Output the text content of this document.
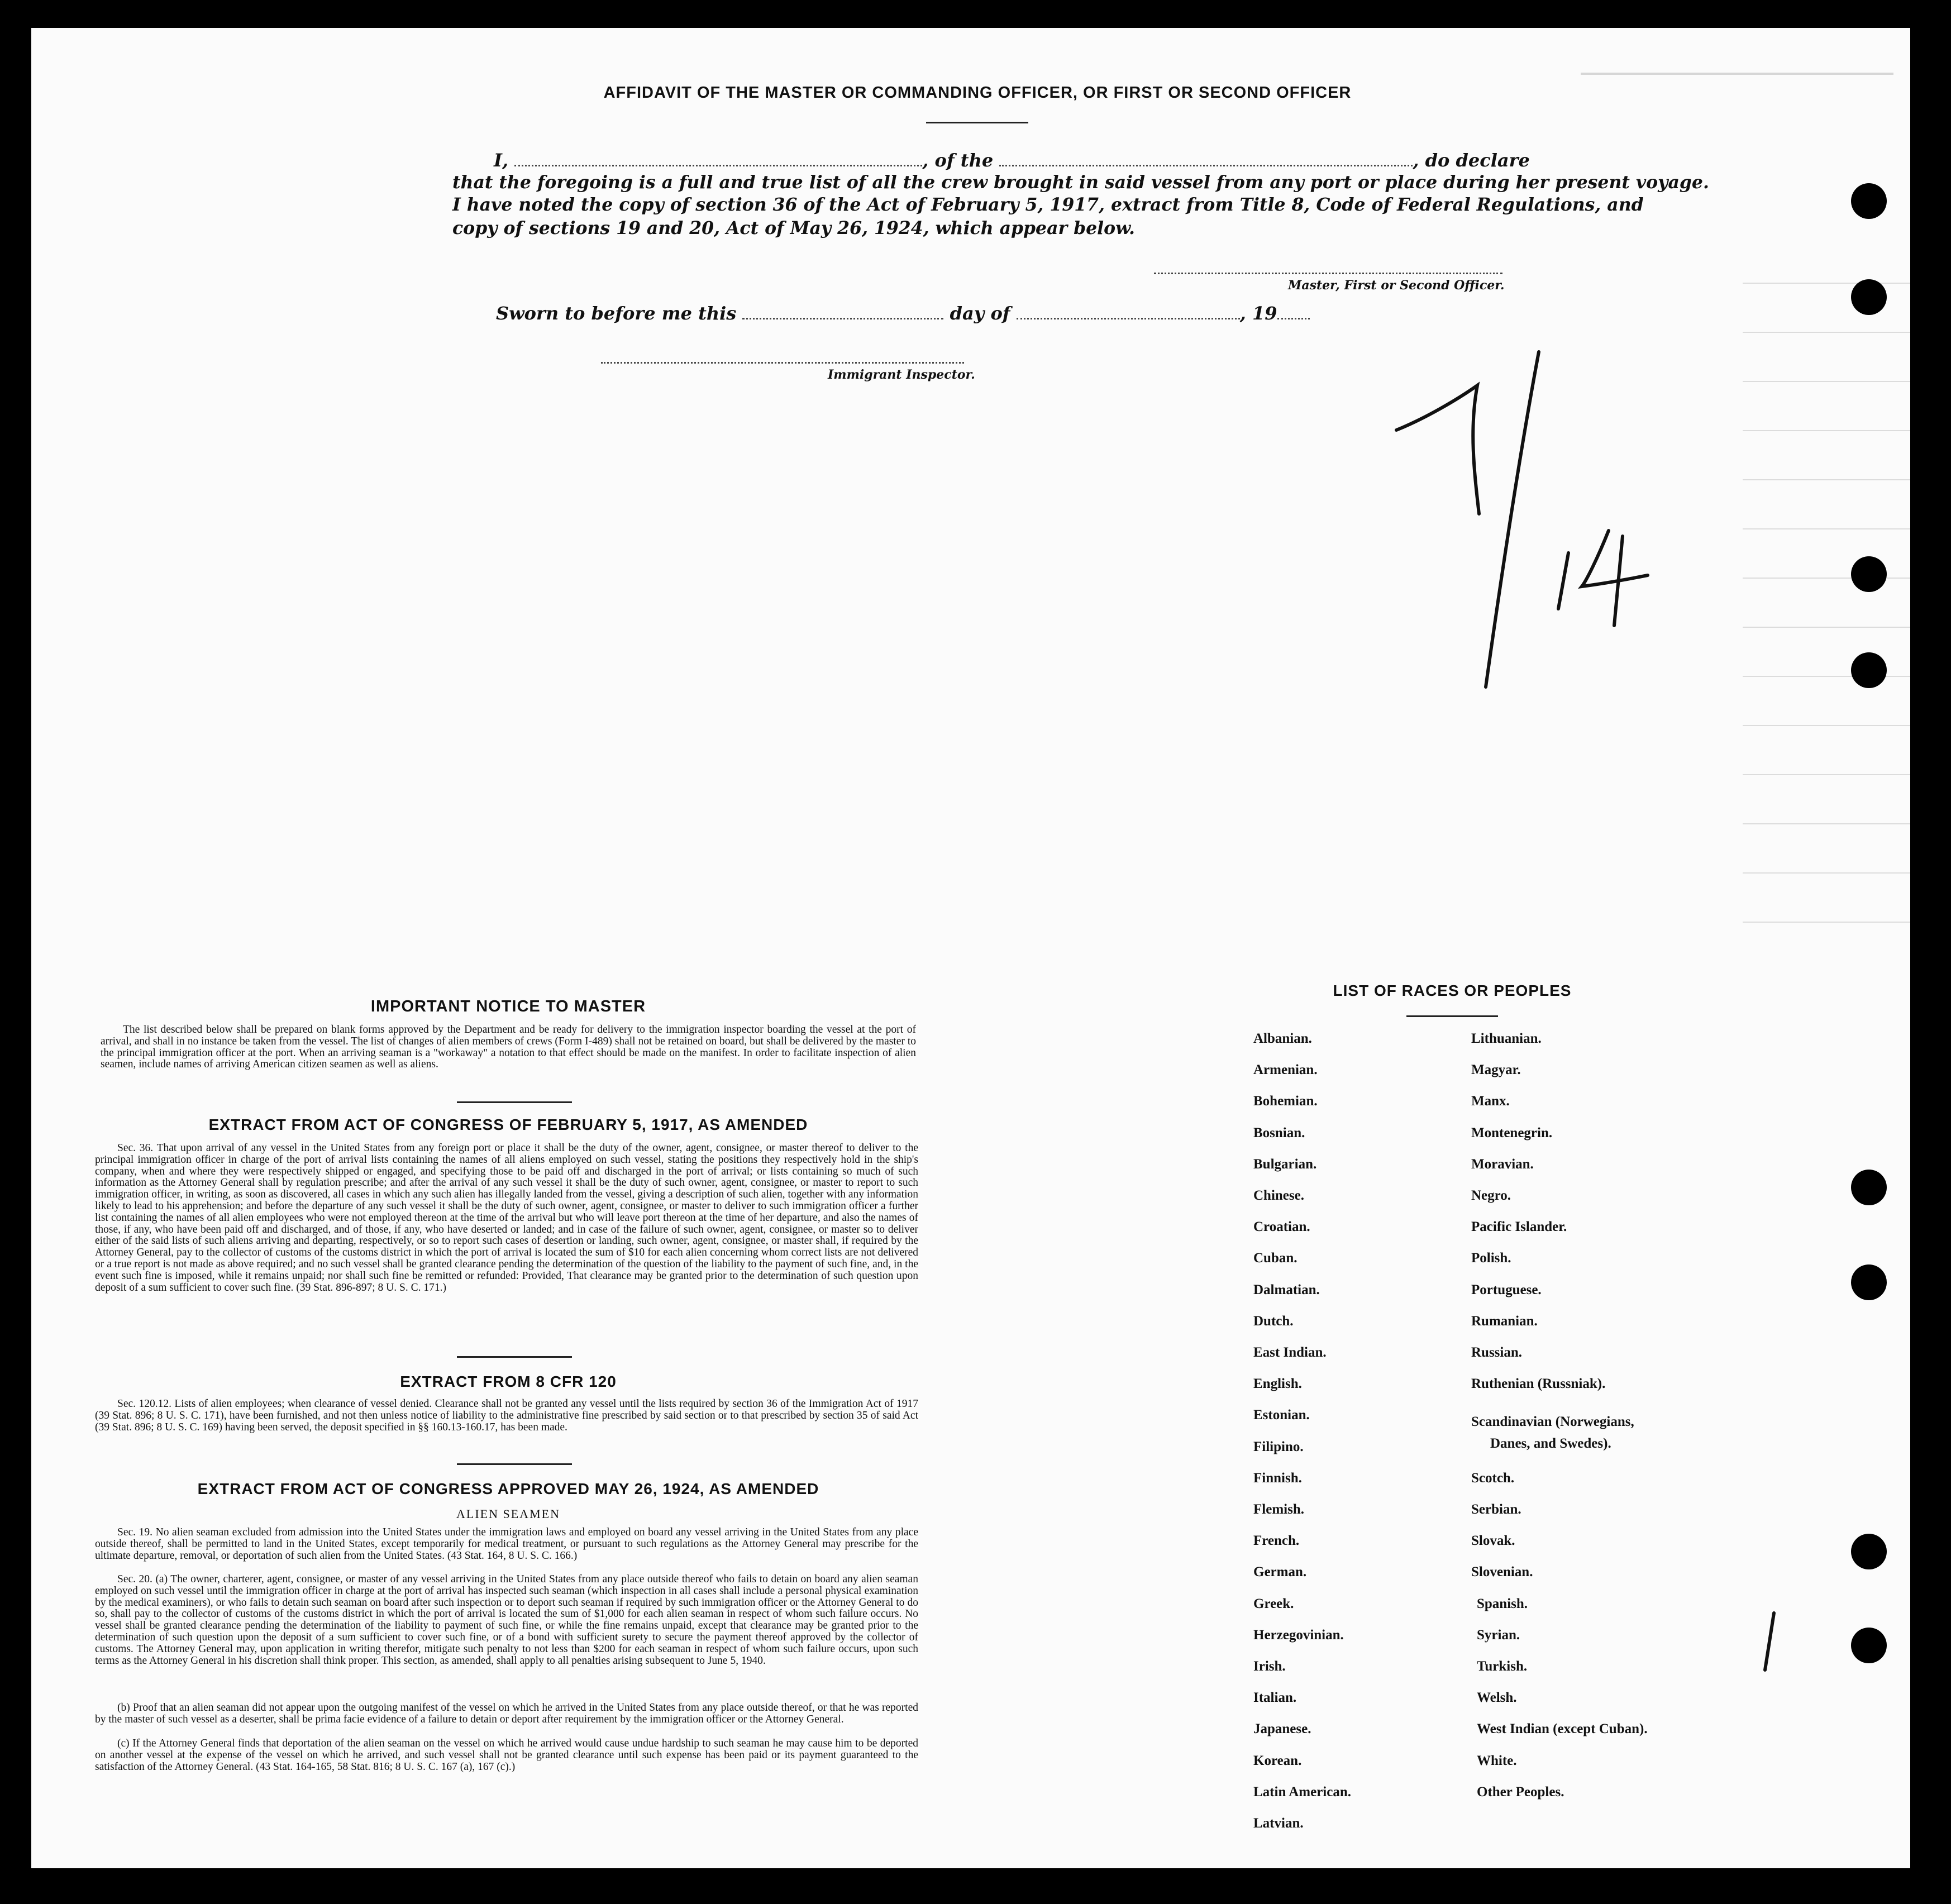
AFFIDAVIT OF THE MASTER OR COMMANDING OFFICER, OR FIRST OR SECOND OFFICER
I,	, of the	, do declare
that the foregoing is a full and true list of all the crew brought in said vessel from any port or place during her present voyage.
I have noted the copy of section 36 of the Act of February 5, 1917, extract from Title 8, Code of Federal Regulations, and
copy of sections 19 and 20, Act of May 26, 1924, which appear below.
Master, First or Second Officer.
Sworn to before me this	day of	, 19
Immigrant Inspector.
IMPORTANT NOTICE TO MASTER
The list described below shall be prepared on blank forms approved by the Department and be ready for delivery to the immigration inspector boarding the vessel at the port of arrival, and shall in no instance be taken from the vessel. The list of changes of alien members of crews (Form I-489) shall not be retained on board, but shall be delivered by the master to the principal immigration officer at the port. When an arriving seaman is a "workaway" a notation to that effect should be made on the manifest. In order to facilitate inspection of alien seamen, include names of arriving American citizen seamen as well as aliens.
EXTRACT FROM ACT OF CONGRESS OF FEBRUARY 5, 1917, AS AMENDED
Sec. 36. That upon arrival of any vessel in the United States from any foreign port or place it shall be the duty of the owner, agent, consignee, or master thereof to deliver to the principal immigration officer in charge of the port of arrival lists containing the names of all aliens employed on such vessel, stating the positions they respectively hold in the ship's company, when and where they were respectively shipped or engaged, and specifying those to be paid off and discharged in the port of arrival; or lists containing so much of such information as the Attorney General shall by regulation prescribe; and after the arrival of any such vessel it shall be the duty of such owner, agent, consignee, or master to report to such immigration officer, in writing, as soon as discovered, all cases in which any such alien has illegally landed from the vessel, giving a description of such alien, together with any information likely to lead to his apprehension; and before the departure of any such vessel it shall be the duty of such owner, agent, consignee, or master to deliver to such immigration officer a further list containing the names of all alien employees who were not employed thereon at the time of the arrival but who will leave port thereon at the time of her departure, and also the names of those, if any, who have been paid off and discharged, and of those, if any, who have deserted or landed; and in case of the failure of such owner, agent, consignee, or master so to deliver either of the said lists of such aliens arriving and departing, respectively, or so to report such cases of desertion or landing, such owner, agent, consignee, or master shall, if required by the Attorney General, pay to the collector of customs of the customs district in which the port of arrival is located the sum of $10 for each alien concerning whom correct lists are not delivered or a true report is not made as above required; and no such vessel shall be granted clearance pending the determination of the question of the liability to the payment of such fine, and, in the event such fine is imposed, while it remains unpaid; nor shall such fine be remitted or refunded: Provided, That clearance may be granted prior to the determination of such question upon deposit of a sum sufficient to cover such fine. (39 Stat. 896-897; 8 U. S. C. 171.)
EXTRACT FROM 8 CFR 120
Sec. 120.12. Lists of alien employees; when clearance of vessel denied. Clearance shall not be granted any vessel until the lists required by section 36 of the Immigration Act of 1917 (39 Stat. 896; 8 U. S. C. 171), have been furnished, and not then unless notice of liability to the administrative fine prescribed by said section or to that prescribed by section 35 of said Act (39 Stat. 896; 8 U. S. C. 169) having been served, the deposit specified in §§ 160.13-160.17, has been made.
EXTRACT FROM ACT OF CONGRESS APPROVED MAY 26, 1924, AS AMENDED
ALIEN SEAMEN
Sec. 19. No alien seaman excluded from admission into the United States under the immigration laws and employed on board any vessel arriving in the United States from any place outside thereof, shall be permitted to land in the United States, except temporarily for medical treatment, or pursuant to such regulations as the Attorney General may prescribe for the ultimate departure, removal, or deportation of such alien from the United States. (43 Stat. 164, 8 U. S. C. 166.)
Sec. 20. (a) The owner, charterer, agent, consignee, or master of any vessel arriving in the United States from any place outside thereof who fails to detain on board any alien seaman employed on such vessel until the immigration officer in charge at the port of arrival has inspected such seaman (which inspection in all cases shall include a personal physical examination by the medical examiners), or who fails to detain such seaman on board after such inspection or to deport such seaman if required by such immigration officer or the Attorney General to do so, shall pay to the collector of customs of the customs district in which the port of arrival is located the sum of $1,000 for each alien seaman in respect of whom such failure occurs. No vessel shall be granted clearance pending the determination of the liability to payment of such fine, or while the fine remains unpaid, except that clearance may be granted prior to the determination of such question upon the deposit of a sum sufficient to cover such fine, or of a bond with sufficient surety to secure the payment thereof approved by the collector of customs. The Attorney General may, upon application in writing therefor, mitigate such penalty to not less than $200 for each seaman in respect of whom such failure occurs, upon such terms as the Attorney General in his discretion shall think proper. This section, as amended, shall apply to all penalties arising subsequent to June 5, 1940.
(b) Proof that an alien seaman did not appear upon the outgoing manifest of the vessel on which he arrived in the United States from any place outside thereof, or that he was reported by the master of such vessel as a deserter, shall be prima facie evidence of a failure to detain or deport after requirement by the immigration officer or the Attorney General.
(c) If the Attorney General finds that deportation of the alien seaman on the vessel on which he arrived would cause undue hardship to such seaman he may cause him to be deported on another vessel at the expense of the vessel on which he arrived, and such vessel shall not be granted clearance until such expense has been paid or its payment guaranteed to the satisfaction of the Attorney General. (43 Stat. 164-165, 58 Stat. 816; 8 U. S. C. 167 (a), 167 (c).)
LIST OF RACES OR PEOPLES
Albanian.
Armenian.
Bohemian.
Bosnian.
Bulgarian.
Chinese.
Croatian.
Cuban.
Dalmatian.
Dutch.
East Indian.
English.
Estonian.
Filipino.
Finnish.
Flemish.
French.
German.
Greek.
Herzegovinian.
Irish.
Italian.
Japanese.
Korean.
Latin American.
Latvian.
Lithuanian.
Magyar.
Manx.
Montenegrin.
Moravian.
Negro.
Pacific Islander.
Polish.
Portuguese.
Rumanian.
Russian.
Ruthenian (Russniak).
Scandinavian (Norwegians,
Danes, and Swedes).
Scotch.
Serbian.
Slovak.
Slovenian.
Spanish.
Syrian.
Turkish.
Welsh.
West Indian (except Cuban).
White.
Other Peoples.
